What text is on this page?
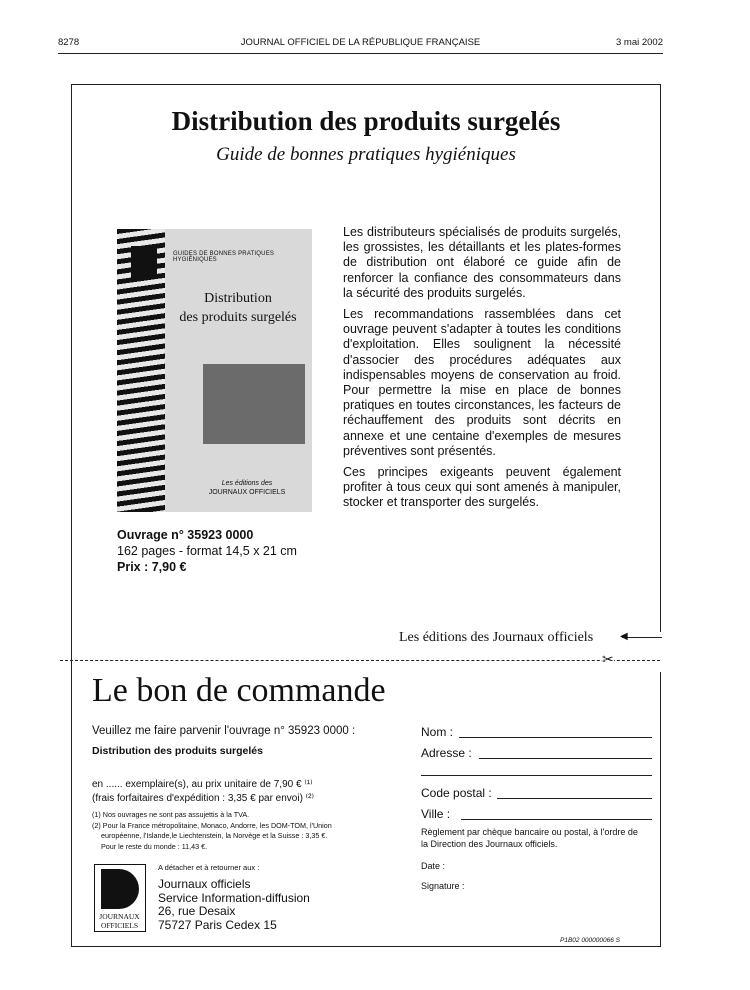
8278	JOURNAL OFFICIEL DE LA RÉPUBLIQUE FRANÇAISE	3 mai 2002
Distribution des produits surgelés
Guide de bonnes pratiques hygiéniques
GUIDES DE BONNES PRATIQUES HYGIÉNIQUES
Distribution
des produits surgelés
Les éditions des
JOURNAUX OFFICIELS
Ouvrage n° 35923 0000
162 pages - format 14,5 x 21 cm
Prix : 7,90 €

Les distributeurs spécialisés de produits surgelés, les grossistes, les détaillants et les plates-formes de distribution ont élaboré ce guide afin de renforcer la confiance des consommateurs dans la sécurité des produits surgelés.

Les recommandations rassemblées dans cet ouvrage peuvent s'adapter à toutes les conditions d'exploitation. Elles soulignent la nécessité d'associer des procédures adéquates aux indispensables moyens de conservation au froid. Pour permettre la mise en place de bonnes pratiques en toutes circonstances, les facteurs de réchauffement des produits sont décrits en annexe et une centaine d'exemples de mesures préventives sont présentés.

Ces principes exigeants peuvent également profiter à tous ceux qui sont amenés à manipuler, stocker et transporter des surgelés.

Les éditions des Journaux officiels	◀
✂
Le bon de commande
Veuillez me faire parvenir l'ouvrage n° 35923 0000 :
Distribution des produits surgelés
en ...... exemplaire(s), au prix unitaire de 7,90 € ⁽¹⁾
(frais forfaitaires d'expédition : 3,35 € par envoi) ⁽²⁾
(1) Nos ouvrages ne sont pas assujettis à la TVA.
(2) Pour la France métropolitaine, Monaco, Andorre, les DOM-TOM, l'Union
européenne, l'Islande,le Liechtenstein, la Norvège et la Suisse : 3,35 €.
Pour le reste du monde : 11,43 €.
A détacher et à retourner aux :
JOURNAUX
OFFICIELS
Journaux officiels
Service Information-diffusion
26, rue Desaix
75727 Paris Cedex 15
Nom :
Adresse :
Code postal :
Ville :
Règlement par chèque bancaire ou postal, à l'ordre de
la Direction des Journaux officiels.
Date :
Signature :
P1B02 000000066 S
